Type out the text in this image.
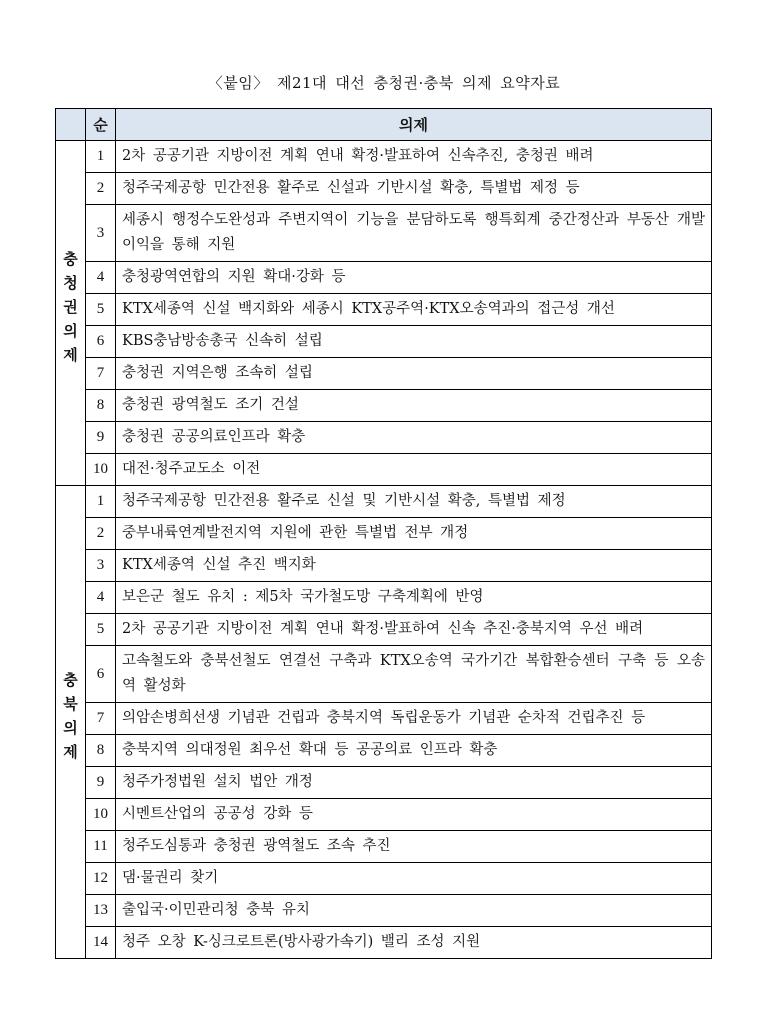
〈붙임〉 제21대 대선 충청권·충북 의제 요약자료
	순	의제
충청권의제	1	2차 공공기관 지방이전 계획 연내 확정·발표하여 신속추진, 충청권 배려
	2	청주국제공항 민간전용 활주로 신설과 기반시설 확충, 특별법 제정 등
	3	세종시 행정수도완성과 주변지역이 기능을 분담하도록 행특회계 중간정산과 부동산 개발이익을 통해 지원
	4	충청광역연합의 지원 확대·강화 등
	5	KTX세종역 신설 백지화와 세종시 KTX공주역·KTX오송역과의 접근성 개선
	6	KBS충남방송총국 신속히 설립
	7	충청권 지역은행 조속히 설립
	8	충청권 광역철도 조기 건설
	9	충청권 공공의료인프라 확충
	10	대전·청주교도소 이전
충북의제	1	청주국제공항 민간전용 활주로 신설 및 기반시설 확충, 특별법 제정
	2	중부내륙연계발전지역 지원에 관한 특별법 전부 개정
	3	KTX세종역 신설 추진 백지화
	4	보은군 철도 유치 : 제5차 국가철도망 구축계획에 반영
	5	2차 공공기관 지방이전 계획 연내 확정·발표하여 신속 추진·충북지역 우선 배려
	6	고속철도와 충북선철도 연결선 구축과 KTX오송역 국가기간 복합환승센터 구축 등 오송역 활성화
	7	의암손병희선생 기념관 건립과 충북지역 독립운동가 기념관 순차적 건립추진 등
	8	충북지역 의대정원 최우선 확대 등 공공의료 인프라 확충
	9	청주가정법원 설치 법안 개정
	10	시멘트산업의 공공성 강화 등
	11	청주도심통과 충청권 광역철도 조속 추진
	12	댐·물권리 찾기
	13	출입국·이민관리청 충북 유치
	14	청주 오창 K-싱크로트론(방사광가속기) 밸리 조성 지원
